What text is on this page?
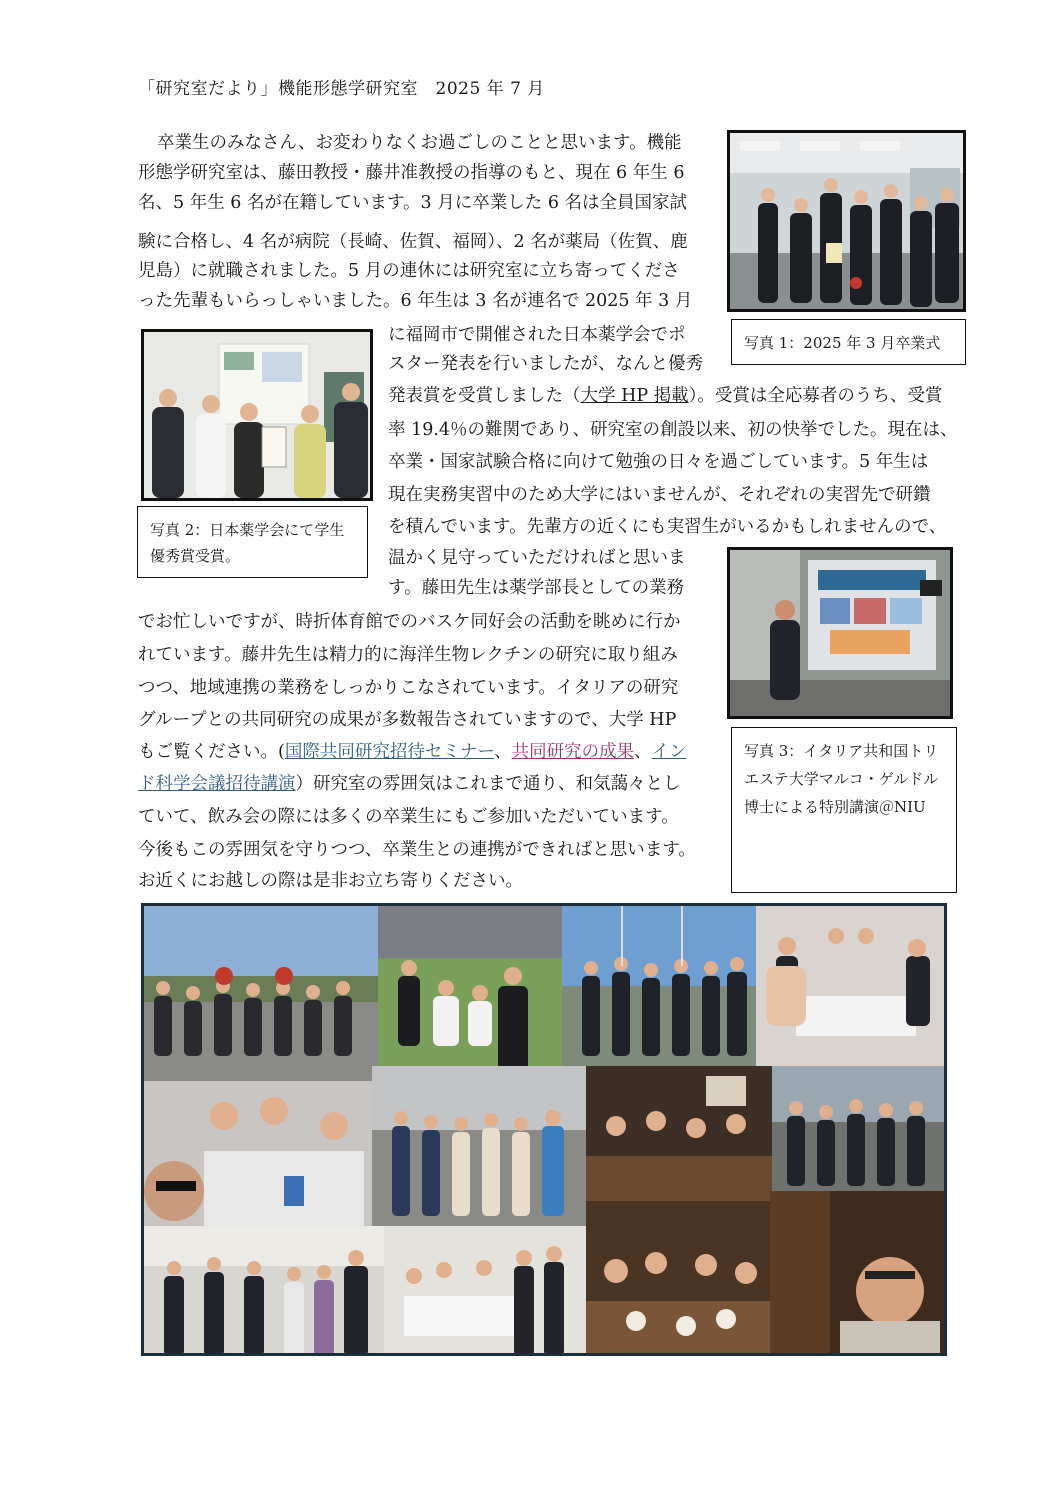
「研究室だより」機能形態学研究室　2025 年 7 月
写真 1：2025 年 3 月卒業式
写真 2：日本薬学会にて学生優秀賞受賞。
写真 3：イタリア共和国トリエステ大学マルコ・ゲルドル博士による特別講演＠NIU
卒業生のみなさん、お変わりなくお過ごしのことと思います。機能
形態学研究室は、藤田教授・藤井准教授の指導のもと、現在 6 年生 6
名、5 年生 6 名が在籍しています。3 月に卒業した 6 名は全員国家試
験に合格し、4 名が病院（長崎、佐賀、福岡）、2 名が薬局（佐賀、鹿
児島）に就職されました。5 月の連休には研究室に立ち寄ってくださ
った先輩もいらっしゃいました。6 年生は 3 名が連名で 2025 年 3 月
に福岡市で開催された日本薬学会でポ
スター発表を行いましたが、なんと優秀
発表賞を受賞しました（大学 HP 掲載）。受賞は全応募者のうち、受賞
率 19.4％の難関であり、研究室の創設以来、初の快挙でした。現在は、
卒業・国家試験合格に向けて勉強の日々を過ごしています。5 年生は
現在実務実習中のため大学にはいませんが、それぞれの実習先で研鑽
を積んでいます。先輩方の近くにも実習生がいるかもしれませんので、
温かく見守っていただければと思いま
す。藤田先生は薬学部長としての業務
でお忙しいですが、時折体育館でのバスケ同好会の活動を眺めに行か
れています。藤井先生は精力的に海洋生物レクチンの研究に取り組み
つつ、地域連携の業務をしっかりこなされています。イタリアの研究
グループとの共同研究の成果が多数報告されていますので、大学 HP
もご覧ください。(国際共同研究招待セミナー、共同研究の成果、イン
ド科学会議招待講演）研究室の雰囲気はこれまで通り、和気藹々とし
ていて、飲み会の際には多くの卒業生にもご参加いただいています。
今後もこの雰囲気を守りつつ、卒業生との連携ができればと思います。
お近くにお越しの際は是非お立ち寄りください。
